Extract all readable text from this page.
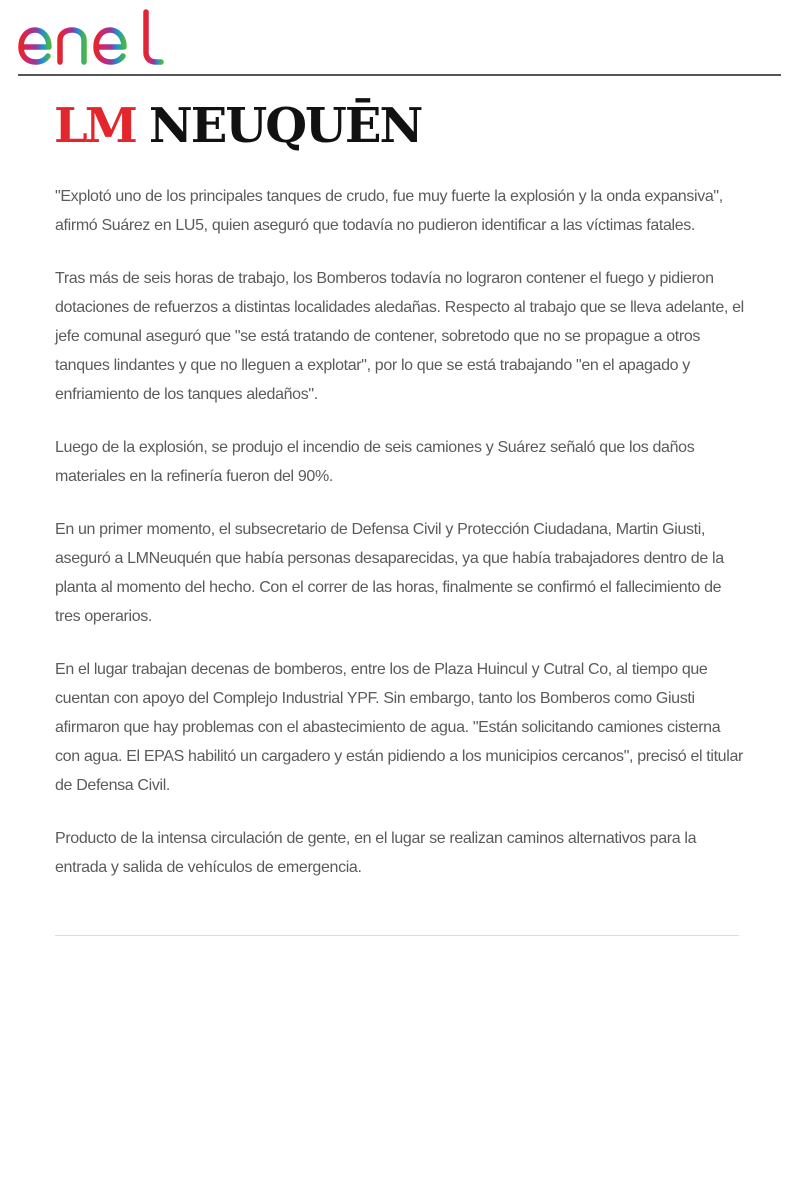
LM NEUQUĒN

"Explotó uno de los principales tanques de crudo, fue muy fuerte la explosión y la onda expansiva", afirmó Suárez en LU5, quien aseguró que todavía no pudieron identificar a las víctimas fatales.

Tras más de seis horas de trabajo, los Bomberos todavía no lograron contener el fuego y pidieron dotaciones de refuerzos a distintas localidades aledañas. Respecto al trabajo que se lleva adelante, el jefe comunal aseguró que "se está tratando de contener, sobretodo que no se propague a otros tanques lindantes y que no lleguen a explotar", por lo que se está trabajando "en el apagado y enfriamiento de los tanques aledaños".

Luego de la explosión, se produjo el incendio de seis camiones y Suárez señaló que los daños materiales en la refinería fueron del 90%.

En un primer momento, el subsecretario de Defensa Civil y Protección Ciudadana, Martin Giusti, aseguró a LMNeuquén que había personas desaparecidas, ya que había trabajadores dentro de la planta al momento del hecho. Con el correr de las horas, finalmente se confirmó el fallecimiento de tres operarios.

En el lugar trabajan decenas de bomberos, entre los de Plaza Huincul y Cutral Co, al tiempo que cuentan con apoyo del Complejo Industrial YPF. Sin embargo, tanto los Bomberos como Giusti afirmaron que hay problemas con el abastecimiento de agua. "Están solicitando camiones cisterna con agua. El EPAS habilitó un cargadero y están pidiendo a los municipios cercanos", precisó el titular de Defensa Civil.

Producto de la intensa circulación de gente, en el lugar se realizan caminos alternativos para la entrada y salida de vehículos de emergencia.
